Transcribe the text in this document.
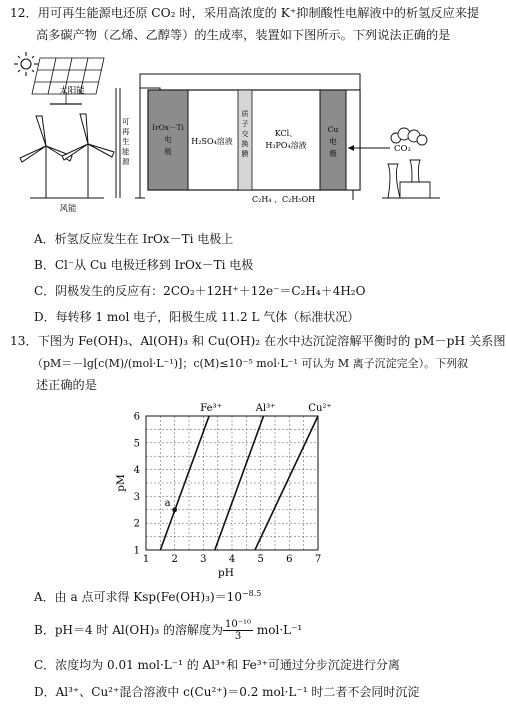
12．用可再生能源电还原 CO₂ 时，采用高浓度的 K⁺抑制酸性电解液中的析氢反应来提
高多碳产物（乙烯、乙醇等）的生成率，装置如下图所示。下列说法正确的是
太阳能
风能
可
再
生
能
源
IrOx－Ti
电
极
H₂SO₄溶液
质
子
交
换
膜
KCl、
H₃PO₄溶液
Cu
电
极	CO₂
C₂H₄ 、C₂H₅OH
A．析氢反应发生在 IrOx－Ti 电极上
B．Cl⁻从 Cu 电极迁移到 IrOx－Ti 电极
C．阴极发生的反应有：2CO₂＋12H⁺＋12e⁻＝C₂H₄＋4H₂O
D．每转移 1 mol 电子，阳极生成 11.2 L 气体（标准状况）
13．下图为 Fe(OH)₃、Al(OH)₃ 和 Cu(OH)₂ 在水中达沉淀溶解平衡时的 pM－pH 关系图
（pM＝－lg[c(M)/(mol·L⁻¹)]；c(M)≤10⁻⁵ mol·L⁻¹ 可认为 M 离子沉淀完全）。下列叙
述正确的是
1 2 3 4 5 6 7
1
2
3
4
5
6
pH
pM
Fe³⁺	Al³⁺	Cu²⁺
a
A．由 a 点可求得 $Ksp(Fe(OH)_3)=10^{-8.5}$
B．pH＝4 时 Al(OH)₃ 的溶解度为 $\frac{\text{10⁻¹⁰}}{3} mol\cdot L^{-1}$
C．浓度均为 0.01 mol·L⁻¹ 的 Al³⁺和 Fe³⁺可通过分步沉淀进行分离
D．Al³⁺、Cu²⁺混合溶液中 c(Cu²⁺)＝0.2 mol·L⁻¹ 时二者不会同时沉淀
